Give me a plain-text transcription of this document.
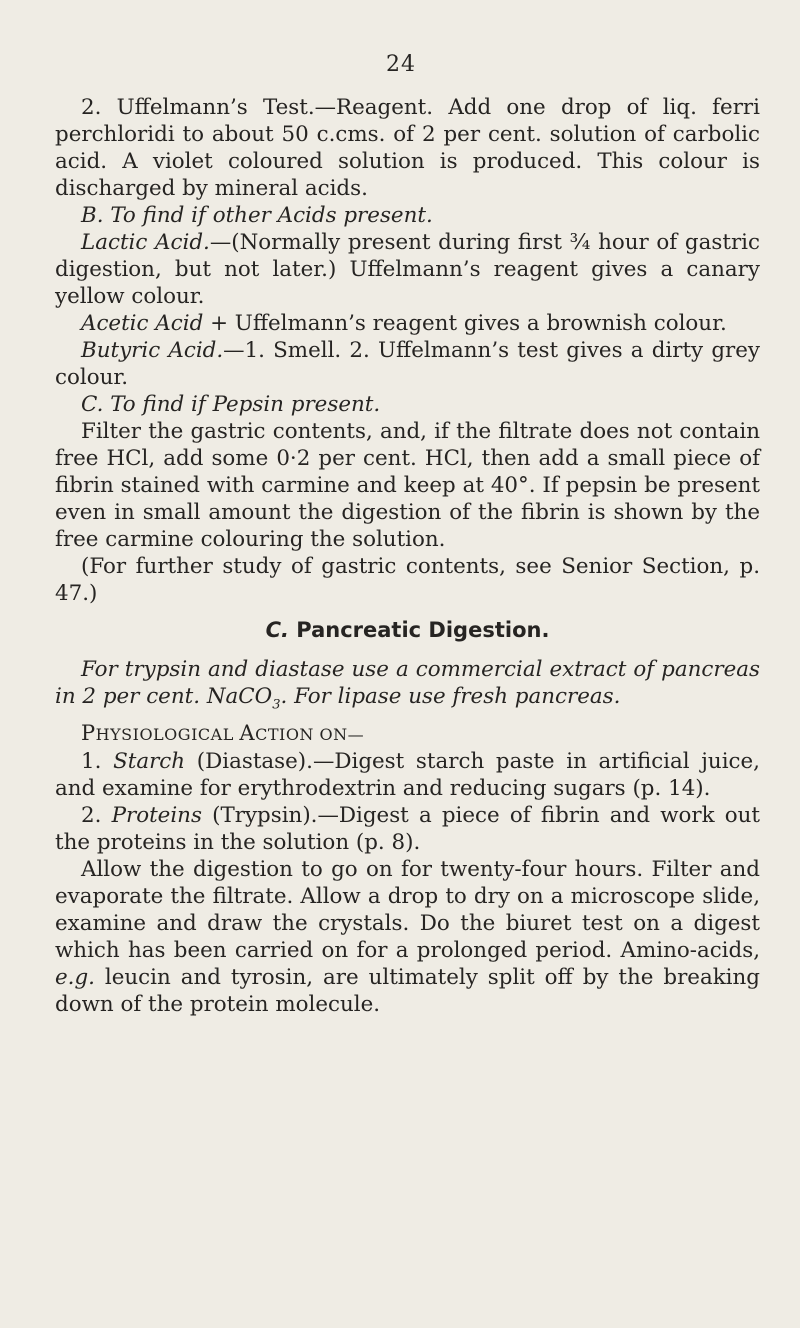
24

2. Uffelmann’s Test.—Reagent. Add one drop of liq. ferri perchloridi to about 50 c.cms. of 2 per cent. solution of carbolic acid. A violet coloured solution is produced. This colour is discharged by mineral acids.

B. To find if other Acids present.

Lactic Acid.—(Normally present during first ¾ hour of gastric digestion, but not later.) Uffelmann’s reagent gives a canary yellow colour.

Acetic Acid + Uffelmann’s reagent gives a brownish colour.

Butyric Acid.—1. Smell. 2. Uffelmann’s test gives a dirty grey colour.

C. To find if Pepsin present.

Filter the gastric contents, and, if the filtrate does not contain free HCl, add some 0·2 per cent. HCl, then add a small piece of fibrin stained with carmine and keep at 40°. If pepsin be present even in small amount the digestion of the fibrin is shown by the free carmine colouring the solution.

(For further study of gastric contents, see Senior Section, p. 47.)

C. Pancreatic Digestion.

For trypsin and diastase use a commercial extract of pancreas in 2 per cent. NaCO$_3$. For lipase use fresh pancreas.

PHYSIOLOGICAL ACTION ON—

1. Starch (Diastase).—Digest starch paste in artificial juice, and examine for erythrodextrin and reducing sugars (p. 14).

2. Proteins (Trypsin).—Digest a piece of fibrin and work out the proteins in the solution (p. 8).

Allow the digestion to go on for twenty-four hours. Filter and evaporate the filtrate. Allow a drop to dry on a microscope slide, examine and draw the crystals. Do the biuret test on a digest which has been carried on for a prolonged period. Amino-acids, e.g. leucin and tyrosin, are ultimately split off by the breaking down of the protein molecule.
